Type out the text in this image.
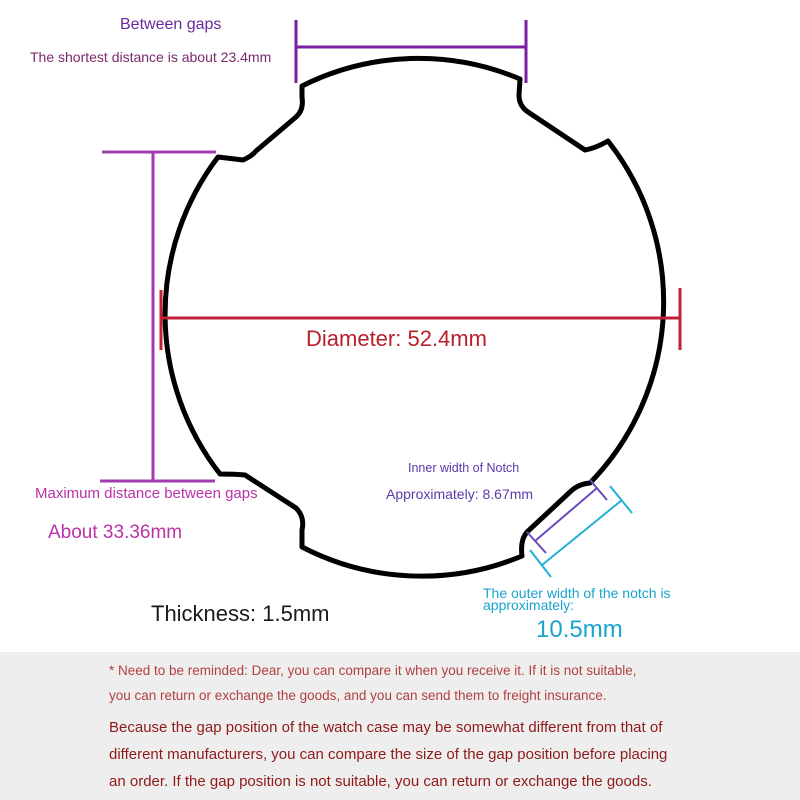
Between gaps
The shortest distance is about 23.4mm
Diameter: 52.4mm
Inner width of Notch
Approximately: 8.67mm
Maximum distance between gaps
About 33.36mm
The outer width of the notch is approximately:
10.5mm
Thickness: 1.5mm
* Need to be reminded: Dear, you can compare it when you receive it. If it is not suitable,
you can return or exchange the goods, and you can send them to freight insurance.
Because the gap position of the watch case may be somewhat different from that of
different manufacturers, you can compare the size of the gap position before placing
an order. If the gap position is not suitable, you can return or exchange the goods.
